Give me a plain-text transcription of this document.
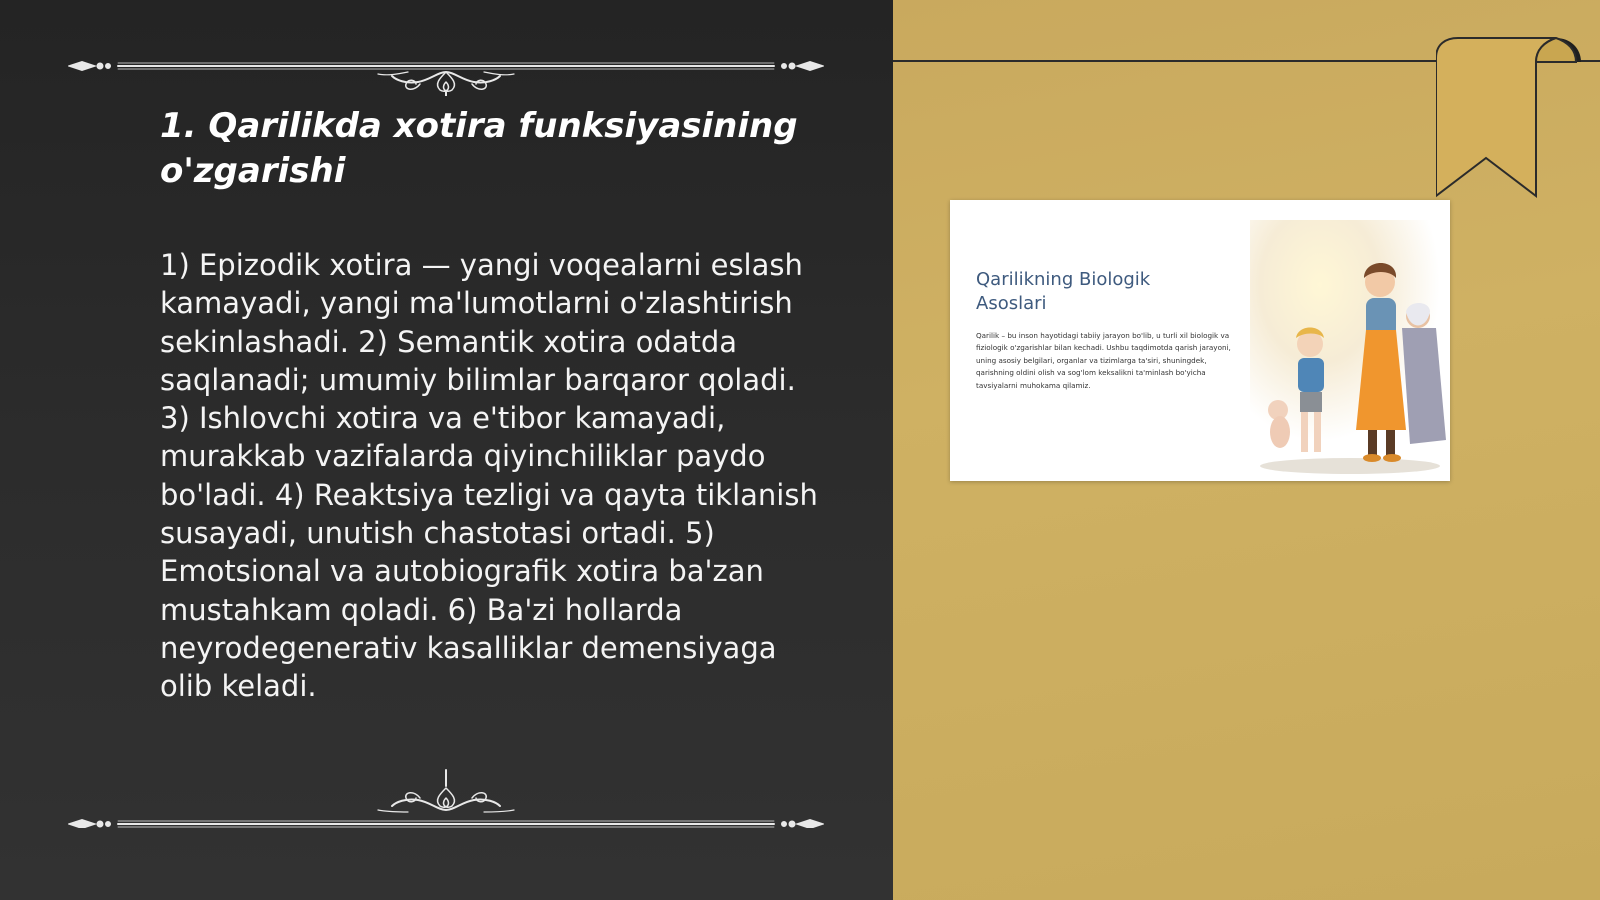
1. Qarilikda xotira funksiyasining o'zgarishi

1) Epizodik xotira — yangi voqealarni eslash kamayadi, yangi ma'lumotlarni o'zlashtirish sekinlashadi. 2) Semantik xotira odatda saqlanadi; umumiy bilimlar barqaror qoladi. 3) Ishlovchi xotira va e'tibor kamayadi, murakkab vazifalarda qiyinchiliklar paydo bo'ladi. 4) Reaktsiya tezligi va qayta tiklanish susayadi, unutish chastotasi ortadi. 5) Emotsional va autobiografik xotira ba'zan mustahkam qoladi. 6) Ba'zi hollarda neyrodegenerativ kasalliklar demensiyaga olib keladi.

Qarilikning Biologik Asoslari
Qarilik – bu inson hayotidagi tabiiy jarayon bo'lib, u turli xil biologik va fiziologik o'zgarishlar bilan kechadi. Ushbu taqdimotda qarish jarayoni, uning asosiy belgilari, organlar va tizimlarga ta'siri, shuningdek, qarishning oldini olish va sog'lom keksalikni ta'minlash bo'yicha tavsiyalarni muhokama qilamiz.
